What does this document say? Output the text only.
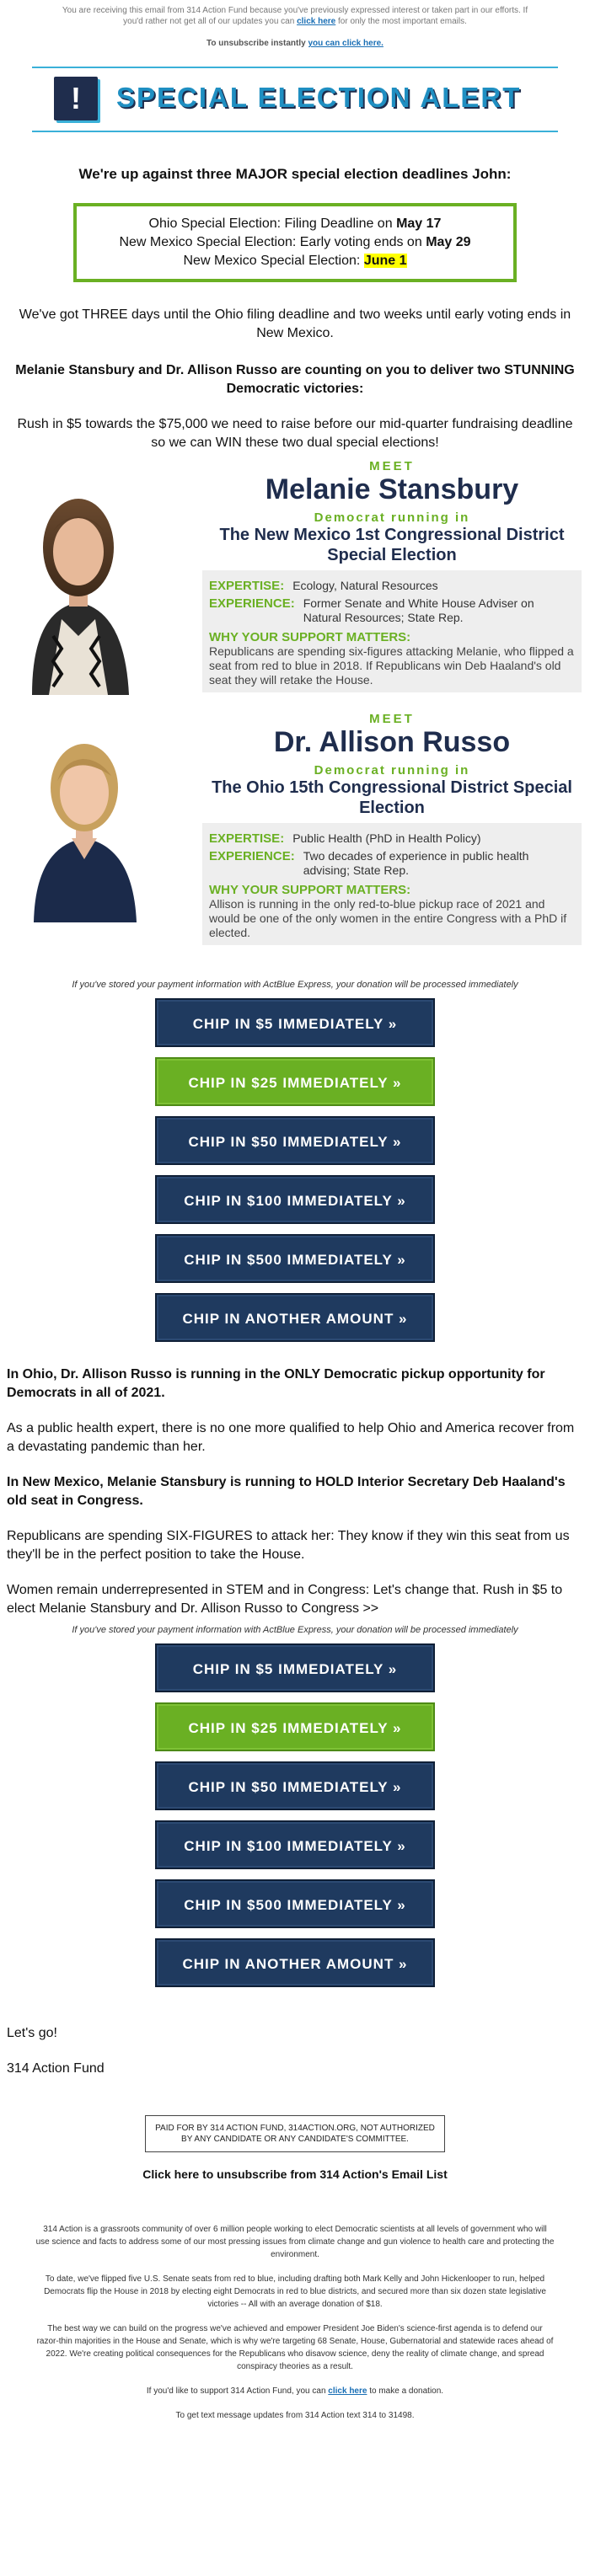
You are receiving this email from 314 Action Fund because you've previously expressed interest or taken part in our efforts. If you'd rather not get all of our updates you can click here for only the most important emails.
To unsubscribe instantly you can click here.
!	SPECIAL ELECTION ALERT
We're up against three MAJOR special election deadlines John:
Ohio Special Election: Filing Deadline on May 17
New Mexico Special Election: Early voting ends on May 29
New Mexico Special Election: June 1
We've got THREE days until the Ohio filing deadline and two weeks until early voting ends in New Mexico.
Melanie Stansbury and Dr. Allison Russo are counting on you to deliver two STUNNING Democratic victories:
Rush in $5 towards the $75,000 we need to raise before our mid-quarter fundraising deadline so we can WIN these two dual special elections!
MEET
Melanie Stansbury
Democrat running in
The New Mexico 1st Congressional District Special Election
EXPERTISE: Ecology, Natural Resources
EXPERIENCE: Former Senate and White House Adviser on Natural Resources; State Rep.
WHY YOUR SUPPORT MATTERS:
Republicans are spending six-figures attacking Melanie, who flipped a seat from red to blue in 2018. If Republicans win Deb Haaland's old seat they will retake the House.
MEET
Dr. Allison Russo
Democrat running in
The Ohio 15th Congressional District Special Election
EXPERTISE: Public Health (PhD in Health Policy)
EXPERIENCE: Two decades of experience in public health advising; State Rep.
WHY YOUR SUPPORT MATTERS:
Allison is running in the only red-to-blue pickup race of 2021 and would be one of the only women in the entire Congress with a PhD if elected.
If you've stored your payment information with ActBlue Express, your donation will be processed immediately
CHIP IN $5 IMMEDIATELY »
CHIP IN $25 IMMEDIATELY »
CHIP IN $50 IMMEDIATELY »
CHIP IN $100 IMMEDIATELY »
CHIP IN $500 IMMEDIATELY »
CHIP IN ANOTHER AMOUNT »
In Ohio, Dr. Allison Russo is running in the ONLY Democratic pickup opportunity for Democrats in all of 2021.
As a public health expert, there is no one more qualified to help Ohio and America recover from a devastating pandemic than her.
In New Mexico, Melanie Stansbury is running to HOLD Interior Secretary Deb Haaland's old seat in Congress.
Republicans are spending SIX-FIGURES to attack her: They know if they win this seat from us they'll be in the perfect position to take the House.
Women remain underrepresented in STEM and in Congress: Let's change that. Rush in $5 to elect Melanie Stansbury and Dr. Allison Russo to Congress >>
If you've stored your payment information with ActBlue Express, your donation will be processed immediately
CHIP IN $5 IMMEDIATELY »
CHIP IN $25 IMMEDIATELY »
CHIP IN $50 IMMEDIATELY »
CHIP IN $100 IMMEDIATELY »
CHIP IN $500 IMMEDIATELY »
CHIP IN ANOTHER AMOUNT »
Let's go!
314 Action Fund
PAID FOR BY 314 ACTION FUND, 314ACTION.ORG, NOT AUTHORIZED BY ANY CANDIDATE OR ANY CANDIDATE'S COMMITTEE.
Click here to unsubscribe from 314 Action's Email List
314 Action is a grassroots community of over 6 million people working to elect Democratic scientists at all levels of government who will use science and facts to address some of our most pressing issues from climate change and gun violence to health care and protecting the environment.
To date, we've flipped five U.S. Senate seats from red to blue, including drafting both Mark Kelly and John Hickenlooper to run, helped Democrats flip the House in 2018 by electing eight Democrats in red to blue districts, and secured more than six dozen state legislative victories -- All with an average donation of $18.
The best way we can build on the progress we've achieved and empower President Joe Biden's science-first agenda is to defend our razor-thin majorities in the House and Senate, which is why we're targeting 68 Senate, House, Gubernatorial and statewide races ahead of 2022. We're creating political consequences for the Republicans who disavow science, deny the reality of climate change, and spread conspiracy theories as a result.
If you'd like to support 314 Action Fund, you can click here to make a donation.
To get text message updates from 314 Action text 314 to 31498.
